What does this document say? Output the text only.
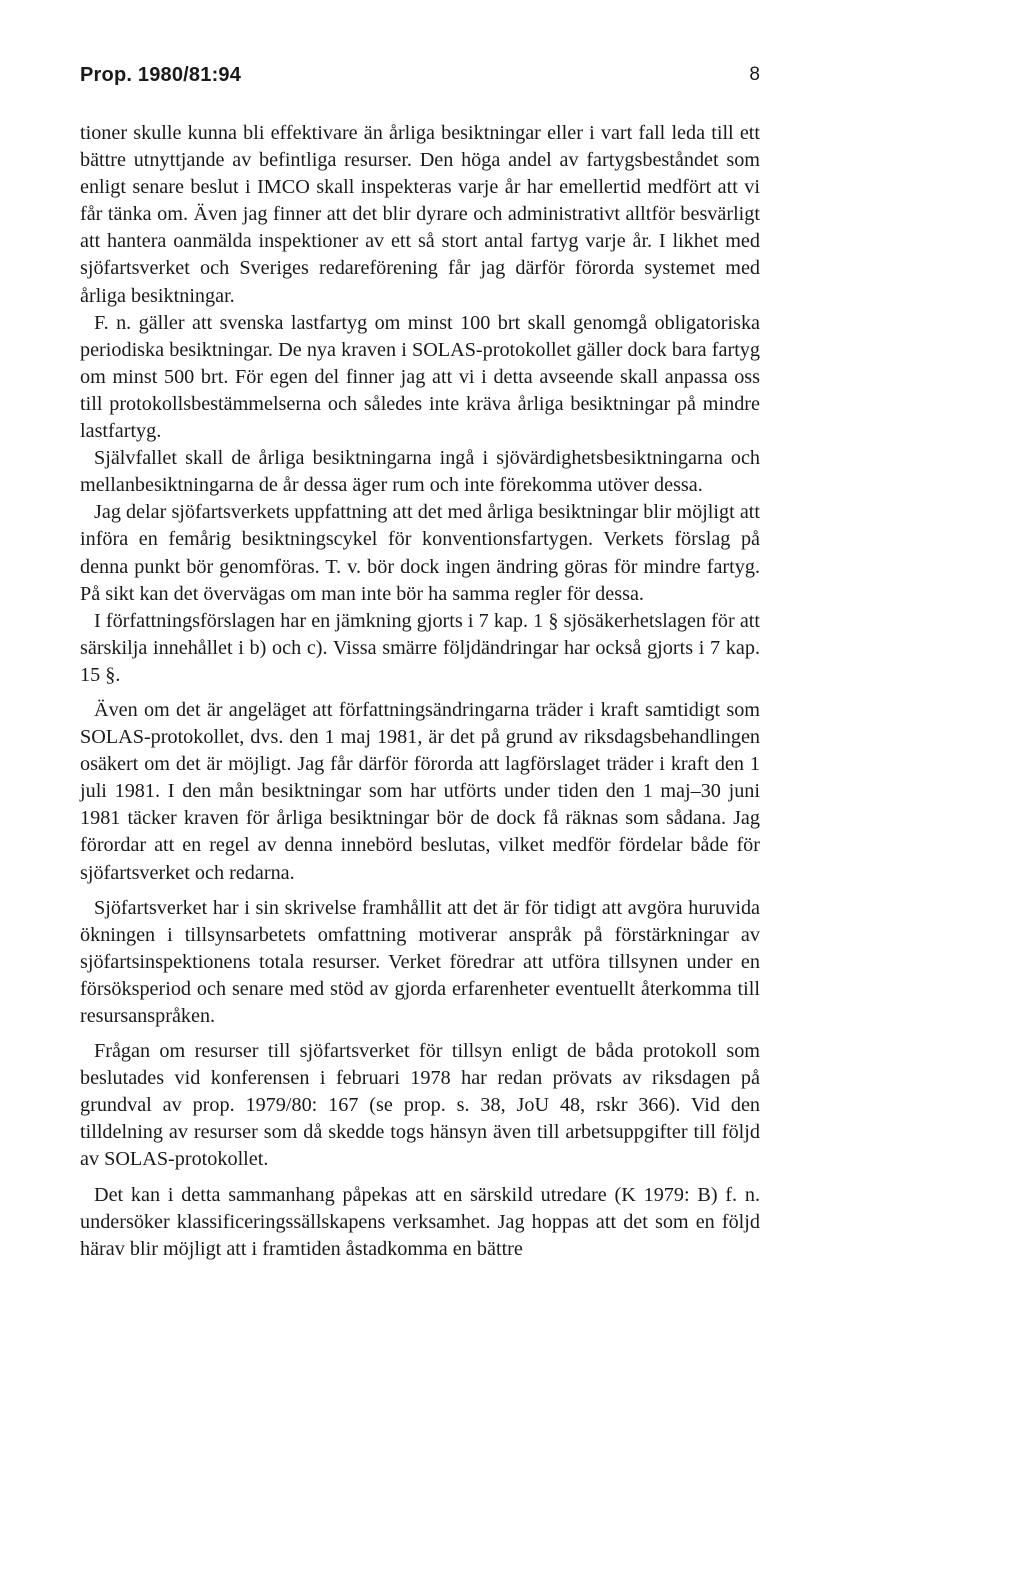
Prop. 1980/81:94	8

tioner skulle kunna bli effektivare än årliga besiktningar eller i vart fall leda till ett bättre utnyttjande av befintliga resurser. Den höga andel av fartygsbeståndet som enligt senare beslut i IMCO skall inspekteras varje år har emellertid medfört att vi får tänka om. Även jag finner att det blir dyrare och administrativt alltför besvärligt att hantera oanmälda inspektioner av ett så stort antal fartyg varje år. I likhet med sjöfartsverket och Sveriges redareförening får jag därför förorda systemet med årliga besiktningar.

F. n. gäller att svenska lastfartyg om minst 100 brt skall genomgå obligatoriska periodiska besiktningar. De nya kraven i SOLAS-protokollet gäller dock bara fartyg om minst 500 brt. För egen del finner jag att vi i detta avseende skall anpassa oss till protokollsbestämmelserna och således inte kräva årliga besiktningar på mindre lastfartyg.

Självfallet skall de årliga besiktningarna ingå i sjövärdighetsbesiktningarna och mellanbesiktningarna de år dessa äger rum och inte förekomma utöver dessa.

Jag delar sjöfartsverkets uppfattning att det med årliga besiktningar blir möjligt att införa en femårig besiktningscykel för konventionsfartygen. Verkets förslag på denna punkt bör genomföras. T. v. bör dock ingen ändring göras för mindre fartyg. På sikt kan det övervägas om man inte bör ha samma regler för dessa.

I författningsförslagen har en jämkning gjorts i 7 kap. 1 § sjösäkerhetslagen för att särskilja innehållet i b) och c). Vissa smärre följdändringar har också gjorts i 7 kap. 15 §.

Även om det är angeläget att författningsändringarna träder i kraft samtidigt som SOLAS-protokollet, dvs. den 1 maj 1981, är det på grund av riksdagsbehandlingen osäkert om det är möjligt. Jag får därför förorda att lagförslaget träder i kraft den 1 juli 1981. I den mån besiktningar som har utförts under tiden den 1 maj–30 juni 1981 täcker kraven för årliga besiktningar bör de dock få räknas som sådana. Jag förordar att en regel av denna innebörd beslutas, vilket medför fördelar både för sjöfartsverket och redarna.

Sjöfartsverket har i sin skrivelse framhållit att det är för tidigt att avgöra huruvida ökningen i tillsynsarbetets omfattning motiverar anspråk på förstärkningar av sjöfartsinspektionens totala resurser. Verket föredrar att utföra tillsynen under en försöksperiod och senare med stöd av gjorda erfarenheter eventuellt återkomma till resursanspråken.

Frågan om resurser till sjöfartsverket för tillsyn enligt de båda protokoll som beslutades vid konferensen i februari 1978 har redan prövats av riksdagen på grundval av prop. 1979/80: 167 (se prop. s. 38, JoU 48, rskr 366). Vid den tilldelning av resurser som då skedde togs hänsyn även till arbetsuppgifter till följd av SOLAS-protokollet.

Det kan i detta sammanhang påpekas att en särskild utredare (K 1979: B) f. n. undersöker klassificeringssällskapens verksamhet. Jag hoppas att det som en följd härav blir möjligt att i framtiden åstadkomma en bättre
